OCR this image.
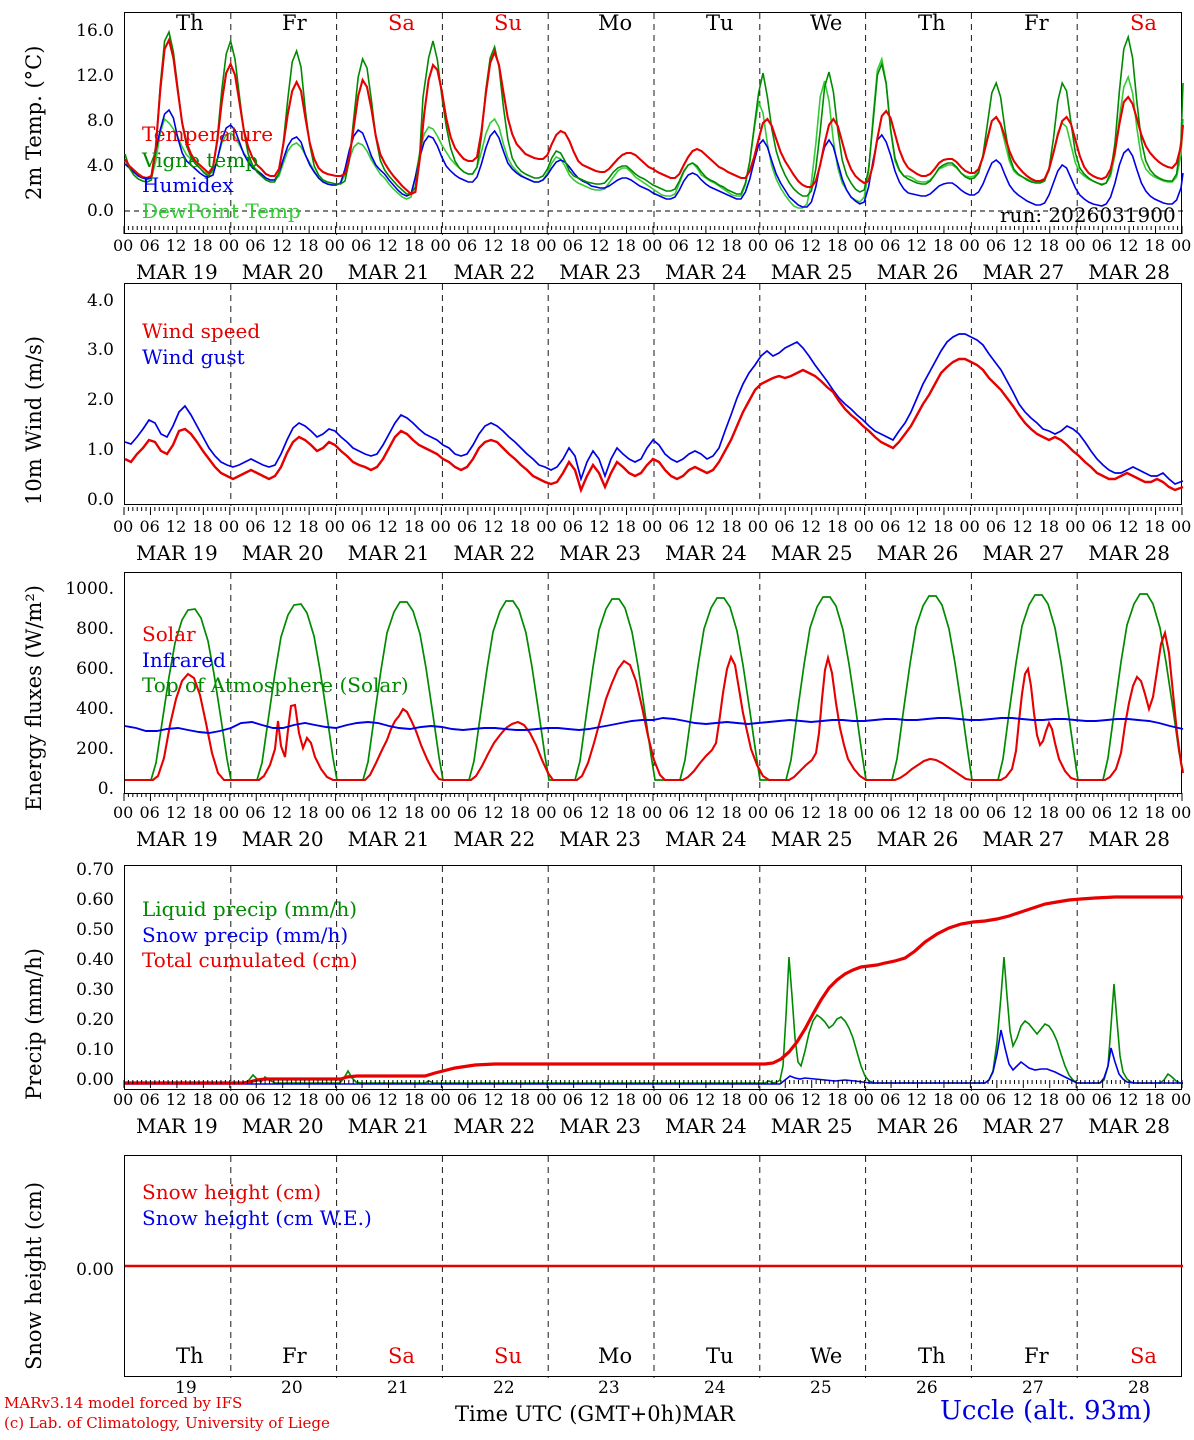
2m Temp. (°C)
16.0
12.0
8.0
4.0
0.0
Temperature
Vigne temp
Humidex
DewPoint Temp	run: 2026031900
Th	Fr	Sa	Su	Mo	Tu	We	Th	Fr	Sa
10m Wind (m/s)
4.0
3.0
2.0
1.0
0.0
Wind speed
Wind gust
Energy fluxes (W/m²)	1000.
800.
600.
400.
200.
0.
Solar
Infrared
Top of Atmosphere (Solar)
Precip (mm/h)
0.70
0.60
0.50
0.40
0.30
0.20
0.10
0.00
Liquid precip (mm/h)
Snow precip (mm/h)
Total cumulated (cm)
Snow height (cm)	0.00
Snow height (cm)
Snow height (cm W.E.)
Th	Fr	Sa	Su	Mo	Tu	We	Th	Fr	Sa
19	20	21	22	23	24	25	26	27	28
00 06 12 18 00 06 12 18 00 06 12 18 00 06 12 18 00 06 12 18 00 06 12 18 00 06 12 18 00 06 12 18 00 06 12 18 00 06 12 18 00
MAR 19	MAR 20	MAR 21	MAR 22	MAR 23	MAR 24	MAR 25	MAR 26	MAR 27	MAR 28
00 06 12 18 00 06 12 18 00 06 12 18 00 06 12 18 00 06 12 18 00 06 12 18 00 06 12 18 00 06 12 18 00 06 12 18 00 06 12 18 00
MAR 19	MAR 20	MAR 21	MAR 22	MAR 23	MAR 24	MAR 25	MAR 26	MAR 27	MAR 28
00 06 12 18 00 06 12 18 00 06 12 18 00 06 12 18 00 06 12 18 00 06 12 18 00 06 12 18 00 06 12 18 00 06 12 18 00 06 12 18 00
MAR 19	MAR 20	MAR 21	MAR 22	MAR 23	MAR 24	MAR 25	MAR 26	MAR 27	MAR 28
00 06 12 18 00 06 12 18 00 06 12 18 00 06 12 18 00 06 12 18 00 06 12 18 00 06 12 18 00 06 12 18 00 06 12 18 00 06 12 18 00
MAR 19	MAR 20	MAR 21	MAR 22	MAR 23	MAR 24	MAR 25	MAR 26	MAR 27	MAR 28
Time UTC (GMT+0h)MAR
MARv3.14 model forced by IFS
(c) Lab. of Climatology, University of Liege	Uccle (alt. 93m)
